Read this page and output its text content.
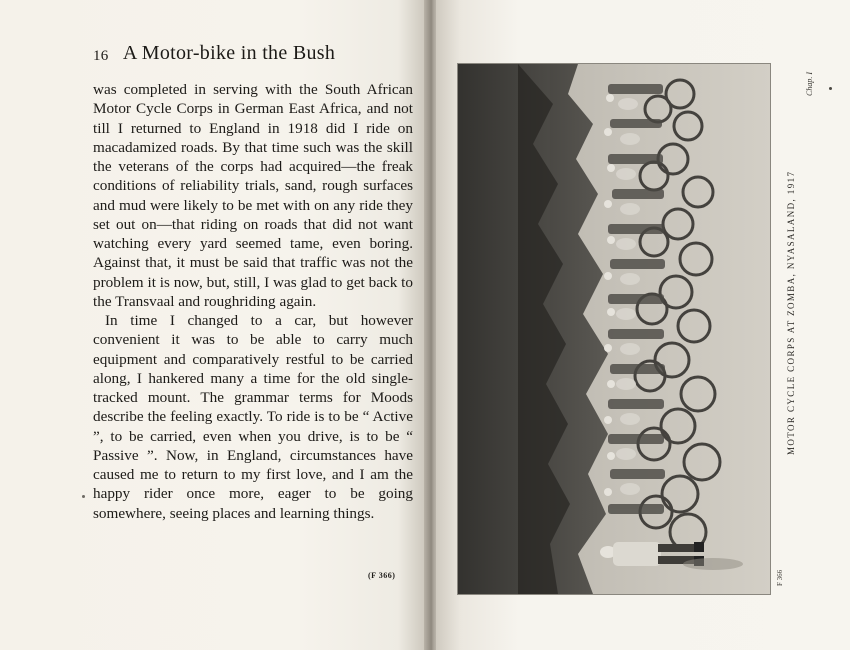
16 A Motor-bike in the Bush

was completed in serving with the South African Motor Cycle Corps in German East Africa, and not till I returned to England in 1918 did I ride on macadamized roads. By that time such was the skill the veterans of the corps had acquired—the freak conditions of reliability trials, sand, rough surfaces and mud were likely to be met with on any ride they set out on—that riding on roads that did not want watching every yard seemed tame, even boring. Against that, it must be said that traffic was not the problem it is now, but, still, I was glad to get back to the Transvaal and roughriding again.

In time I changed to a car, but however convenient it was to be able to carry much equipment and comparatively restful to be carried along, I hankered many a time for the old single-tracked mount. The grammar terms for Moods describe the feeling exactly. To ride is to be “ Active ”, to be carried, even when you drive, is to be “ Passive ”. Now, in England, circumstances have caused me to return to my first love, and I am the happy rider once more, eager to be going somewhere, seeing places and learning things.

(F 366)
MOTOR CYCLE CORPS AT ZOMBA, NYASALAND, 1917
Chap. I
F 366
